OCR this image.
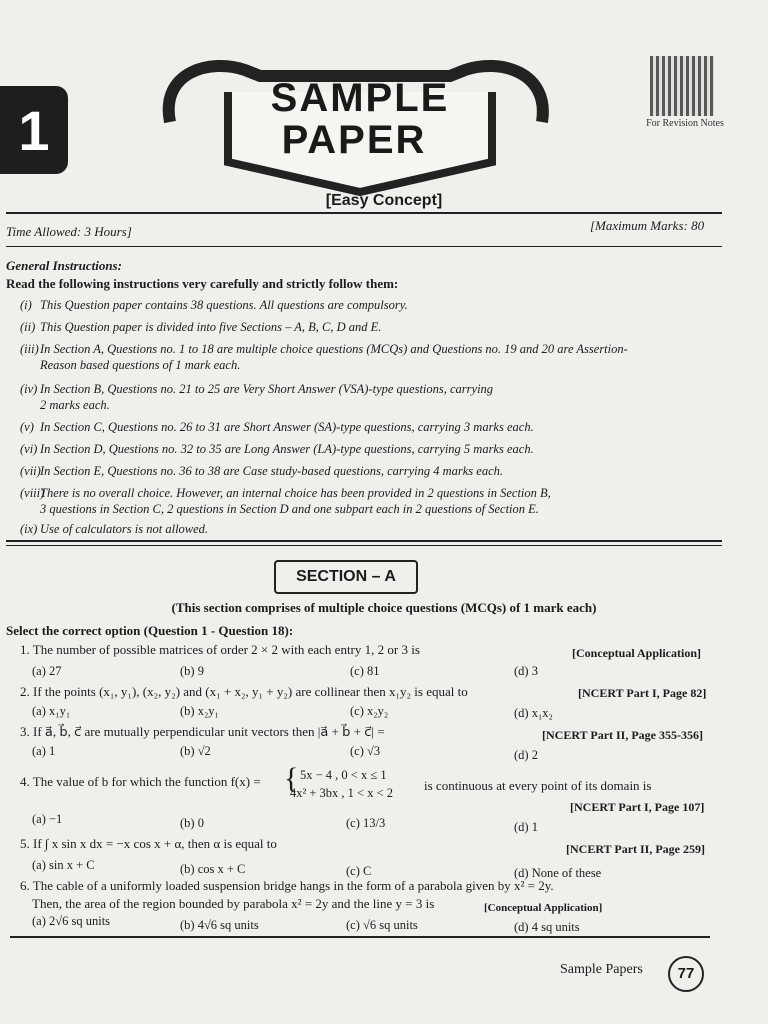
1
SAMPLE
PAPER	For Revision Notes
[Easy Concept]
Time Allowed: 3 Hours]	[Maximum Marks: 80
General Instructions:
Read the following instructions very carefully and strictly follow them:
(i) This Question paper contains 38 questions. All questions are compulsory.
(ii) This Question paper is divided into five Sections – A, B, C, D and E.
(iii)In Section A, Questions no. 1 to 18 are multiple choice questions (MCQs) and Questions no. 19 and 20 are Assertion-
Reason based questions of 1 mark each.
(iv) In Section B, Questions no. 21 to 25 are Very Short Answer (VSA)-type questions, carrying
2 marks each.
(v) In Section C, Questions no. 26 to 31 are Short Answer (SA)-type questions, carrying 3 marks each.
(vi) In Section D, Questions no. 32 to 35 are Long Answer (LA)-type questions, carrying 5 marks each.
(vii)In Section E, Questions no. 36 to 38 are Case study-based questions, carrying 4 marks each.
(viii)There is no overall choice. However, an internal choice has been provided in 2 questions in Section B,
3 questions in Section C, 2 questions in Section D and one subpart each in 2 questions of Section E.
(ix) Use of calculators is not allowed.
SECTION – A
(This section comprises of multiple choice questions (MCQs) of 1 mark each)
Select the correct option (Question 1 - Question 18):
1. The number of possible matrices of order 2 × 2 with each entry 1, 2 or 3 is	[Conceptual Application]
(a) 27	(b) 9	(c) 81	(d) 3
2. If the points (x₁, y₁), (x₂, y₂) and (x₁ + x₂, y₁ + y₂) are collinear then x₁y₂ is equal to	[NCERT Part I, Page 82]
(a) x₁y₁	(b) x₂y₁	(c) x₂y₂	(d) x₁x₂
3. If a⃗, b⃗, c⃗ are mutually perpendicular unit vectors then |a⃗ + b⃗ + c⃗| =	[NCERT Part II, Page 355-356]
(a) 1	(b) √2	(c) √3	(d) 2
4. The value of b for which the function f(x) = { 5x − 4 , 0 < x ≤ 1
4x² + 3bx , 1 < x < 2 is continuous at every point of its domain is
[NCERT Part I, Page 107]
(a) −1	(b) 0	(c) 13/3	(d) 1
5. If ∫ x sin x dx = −x cos x + α, then α is equal to	[NCERT Part II, Page 259]
(a) sin x + C	(b) cos x + C	(c) C	(d) None of these
6. The cable of a uniformly loaded suspension bridge hangs in the form of a parabola given by x² = 2y.
Then, the area of the region bounded by parabola x² = 2y and the line y = 3 is	[Conceptual Application]
(a) 2√6 sq units	(b) 4√6 sq units	(c) √6 sq units	(d) 4 sq units
Sample Papers	77
